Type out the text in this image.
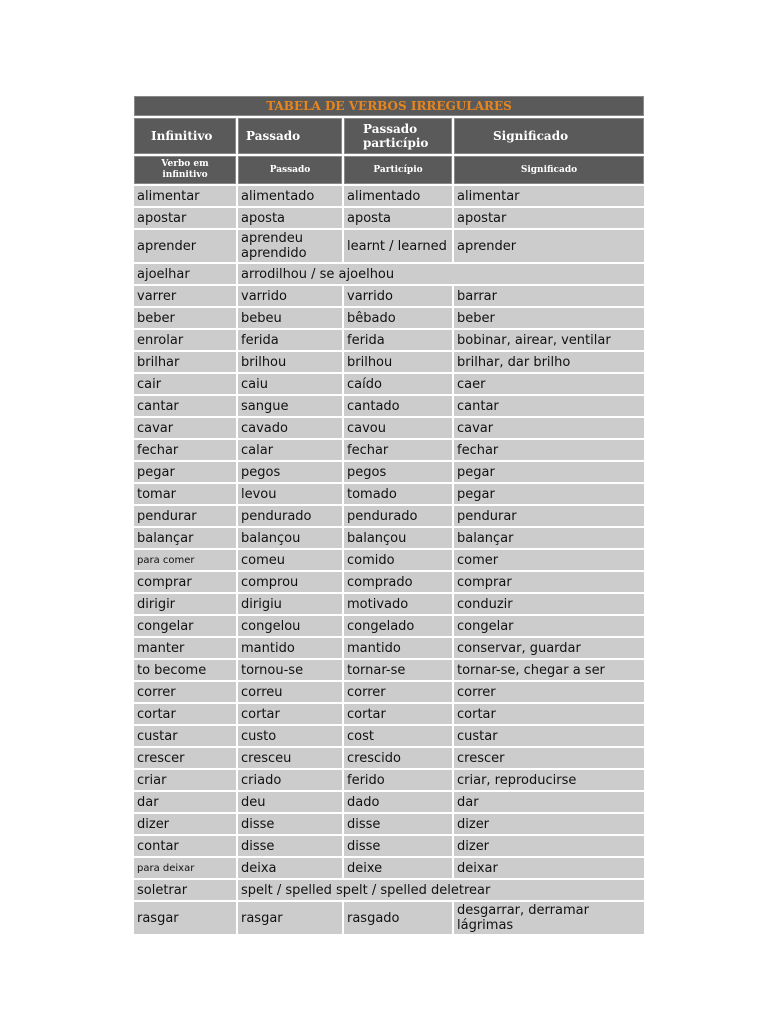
TABELA DE VERBOS IRREGULARES			
Infinitivo	Passado	Passado particípio	Significado
Verbo em infinitivo	Passado	Particípio	Significado
alimentar	alimentado	alimentado	alimentar
apostar	aposta	aposta	apostar
aprender	aprendeu aprendido	learnt / learned	aprender
ajoelhar	arrodilhou / se ajoelhou		
varrer	varrido	varrido	barrar
beber	bebeu	bêbado	beber
enrolar	ferida	ferida	bobinar, airear, ventilar
brilhar	brilhou	brilhou	brilhar, dar brilho
cair	caiu	caído	caer
cantar	sangue	cantado	cantar
cavar	cavado	cavou	cavar
fechar	calar	fechar	fechar
pegar	pegos	pegos	pegar
tomar	levou	tomado	pegar
pendurar	pendurado	pendurado	pendurar
balançar	balançou	balançou	balançar
para comer	comeu	comido	comer
comprar	comprou	comprado	comprar
dirigir	dirigiu	motivado	conduzir
congelar	congelou	congelado	congelar
manter	mantido	mantido	conservar, guardar
to become	tornou-se	tornar-se	tornar-se, chegar a ser
correr	correu	correr	correr
cortar	cortar	cortar	cortar
custar	custo	cost	custar
crescer	cresceu	crescido	crescer
criar	criado	ferido	criar, reproducirse
dar	deu	dado	dar
dizer	disse	disse	dizer
contar	disse	disse	dizer
para deixar	deixa	deixe	deixar
soletrar	spelt / spelled spelt / spelled deletrear		
rasgar	rasgar	rasgado	desgarrar, derramar lágrimas
